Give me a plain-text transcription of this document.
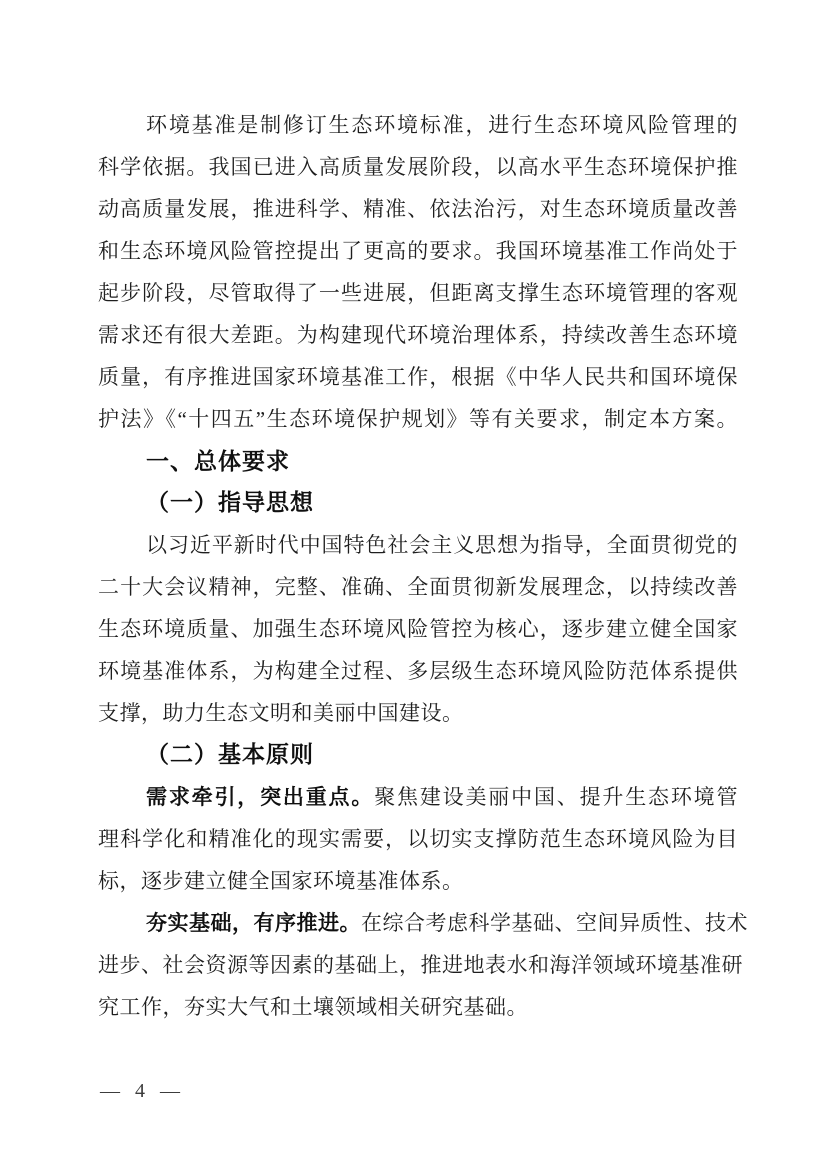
环境基准是制修订生态环境标准，进行生态环境风险管理的
科学依据。我国已进入高质量发展阶段，以高水平生态环境保护推
动高质量发展，推进科学、精准、依法治污，对生态环境质量改善
和生态环境风险管控提出了更高的要求。我国环境基准工作尚处于
起步阶段，尽管取得了一些进展，但距离支撑生态环境管理的客观
需求还有很大差距。为构建现代环境治理体系，持续改善生态环境
质量，有序推进国家环境基准工作，根据《中华人民共和国环境保
护法》《“十四五”生态环境保护规划》等有关要求，制定本方案。
一、总体要求
（一）指导思想
以习近平新时代中国特色社会主义思想为指导，全面贯彻党的
二十大会议精神，完整、准确、全面贯彻新发展理念，以持续改善
生态环境质量、加强生态环境风险管控为核心，逐步建立健全国家
环境基准体系，为构建全过程、多层级生态环境风险防范体系提供
支撑，助力生态文明和美丽中国建设。
（二）基本原则
需求牵引，突出重点。聚焦建设美丽中国、提升生态环境管
理科学化和精准化的现实需要，以切实支撑防范生态环境风险为目
标，逐步建立健全国家环境基准体系。
夯实基础，有序推进。在综合考虑科学基础、空间异质性、技术
进步、社会资源等因素的基础上，推进地表水和海洋领域环境基准研
究工作，夯实大气和土壤领域相关研究基础。
— 4 —
